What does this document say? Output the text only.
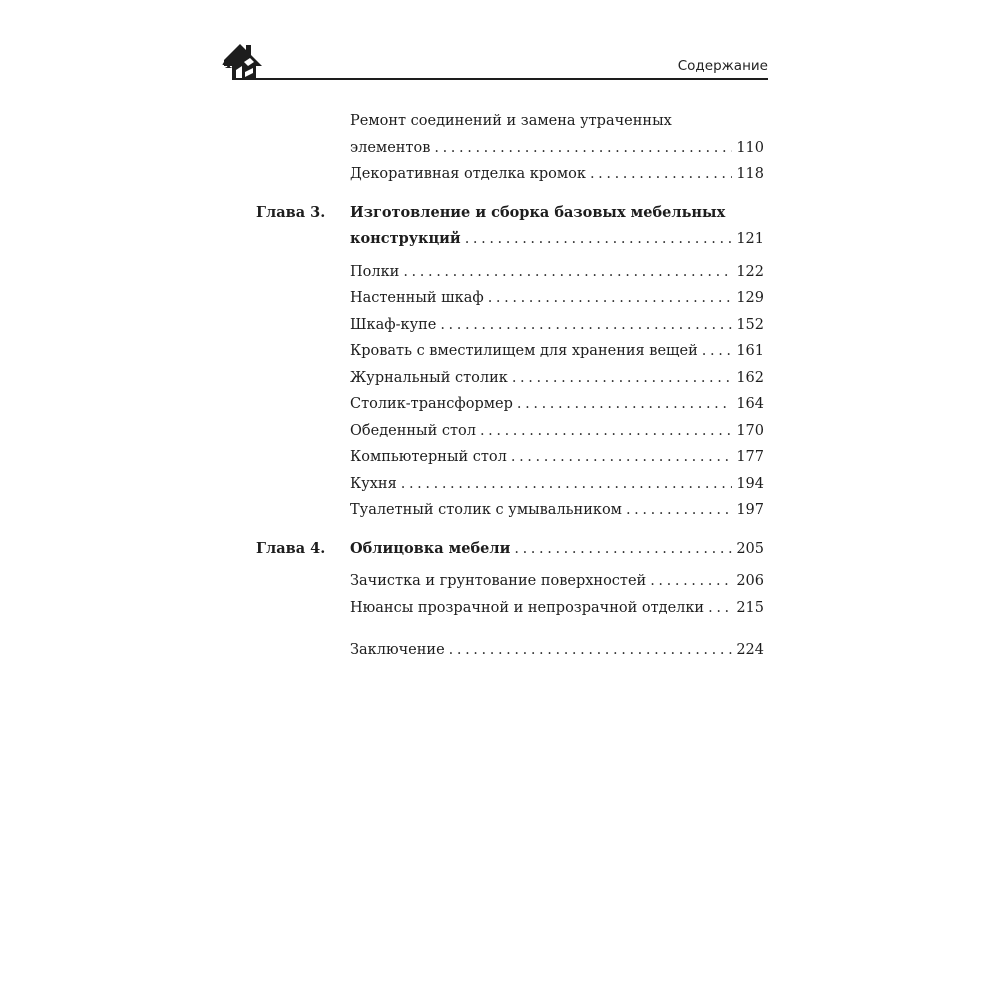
4	Содержание
Ремонт соединений и замена утраченных
элементов . . .	110
Декоративная отделка кромок . . .	118
Глава 3.	Изготовление и сборка базовых мебельных
конструкций . . .	121
Полки . . .	122
Настенный шкаф . . .	129
Шкаф-купе . . .	152
Кровать с вместилищем для хранения вещей . . .	161
Журнальный столик . . .	162
Столик-трансформер . . .	164
Обеденный стол . . .	170
Компьютерный стол . . .	177
Кухня . . .	194
Туалетный столик с умывальником . . .	197
Глава 4.	Облицовка мебели . . .	205
Зачистка и грунтование поверхностей . . .	206
Нюансы прозрачной и непрозрачной отделки . . . 215
Заключение . . .	224
